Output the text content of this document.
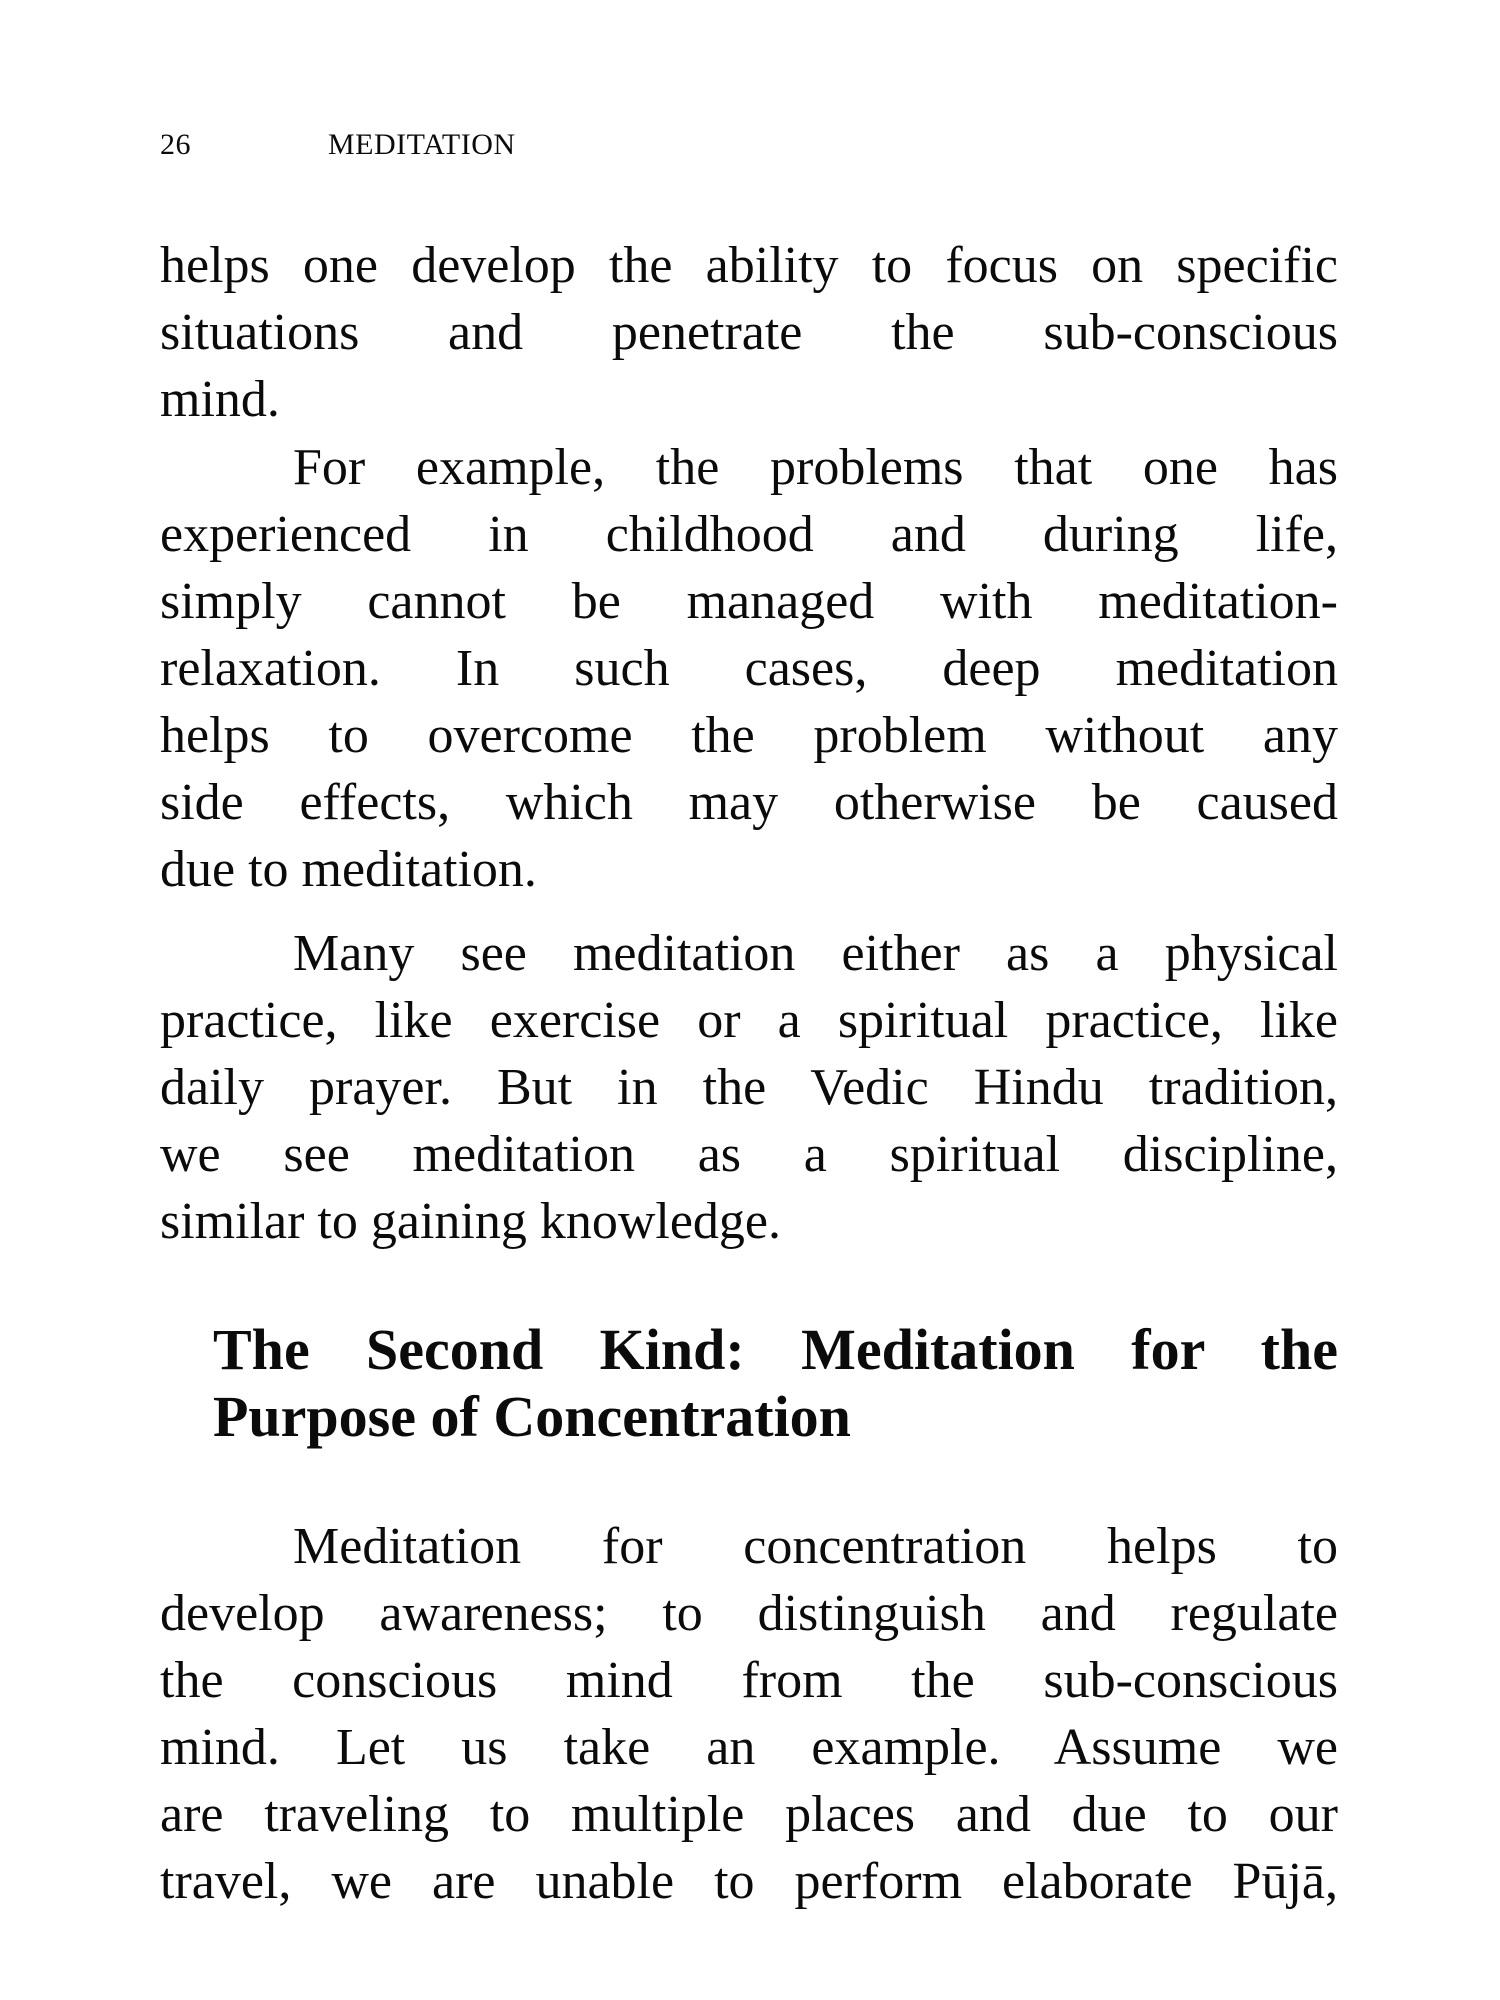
26	MEDITATION
helps one develop the ability to focus on specific
situations and penetrate the sub-conscious
mind.
For example, the problems that one has
experienced in childhood and during life,
simply cannot be managed with meditation-
relaxation. In such cases, deep meditation
helps to overcome the problem without any
side effects, which may otherwise be caused
due to meditation.
Many see meditation either as a physical
practice, like exercise or a spiritual practice, like
daily prayer. But in the Vedic Hindu tradition,
we see meditation as a spiritual discipline,
similar to gaining knowledge.
The Second Kind: Meditation for the
Purpose of Concentration
Meditation for concentration helps to
develop awareness; to distinguish and regulate
the conscious mind from the sub-conscious
mind. Let us take an example. Assume we
are traveling to multiple places and due to our
travel, we are unable to perform elaborate Pūjā,
